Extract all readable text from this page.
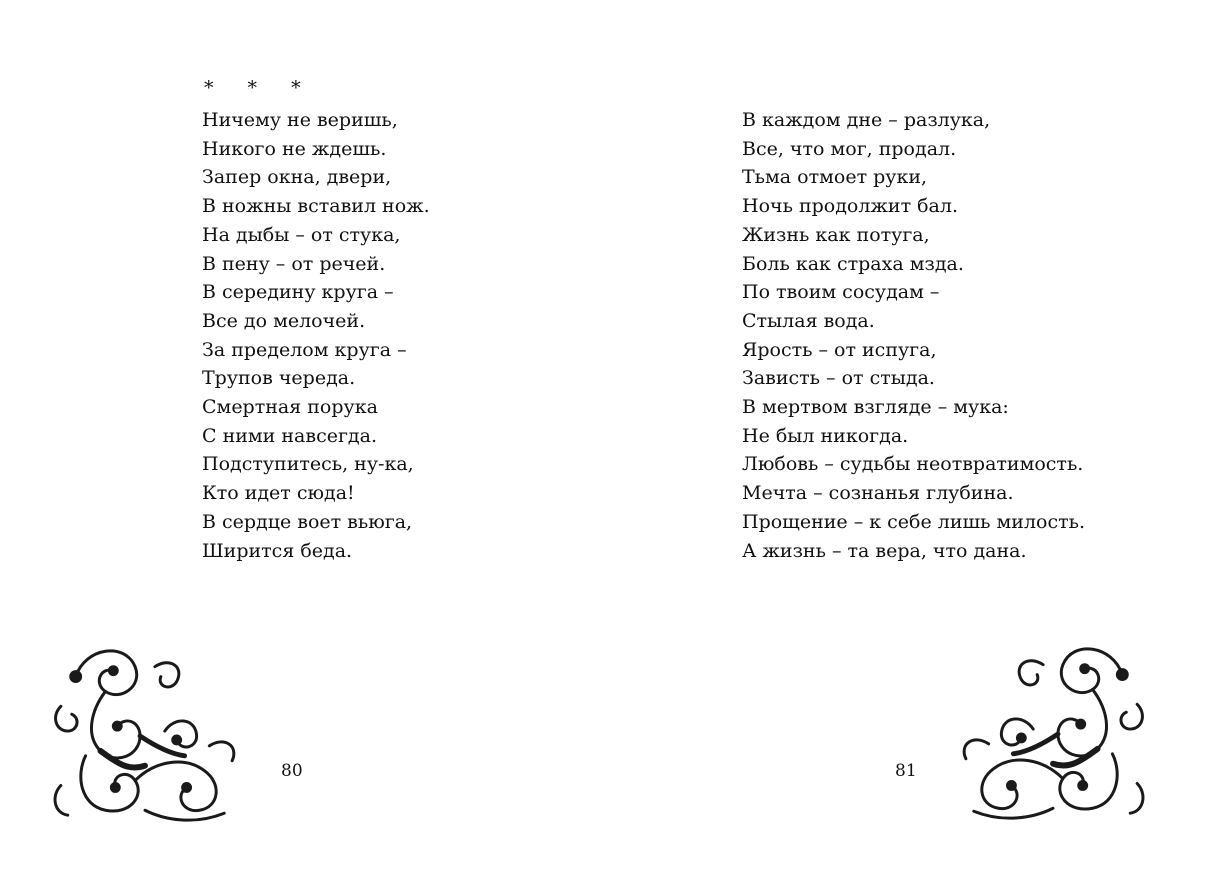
* * *
Ничему не веришь,
Никого не ждешь.
Запер окна, двери,
В ножны вставил нож.
На дыбы – от стука,
В пену – от речей.
В середину круга –
Все до мелочей.
За пределом круга –
Трупов череда.
Смертная порука
С ними навсегда.
Подступитесь, ну-ка,
Кто идет сюда!
В сердце воет вьюга,
Ширится беда.
80
В каждом дне – разлука,
Все, что мог, продал.
Тьма отмоет руки,
Ночь продолжит бал.
Жизнь как потуга,
Боль как страха мзда.
По твоим сосудам –
Стылая вода.
Ярость – от испуга,
Зависть – от стыда.
В мертвом взгляде – мука:
Не был никогда.
Любовь – судьбы неотвратимость.
Мечта – сознанья глубина.
Прощение – к себе лишь милость.
А жизнь – та вера, что дана.
81
